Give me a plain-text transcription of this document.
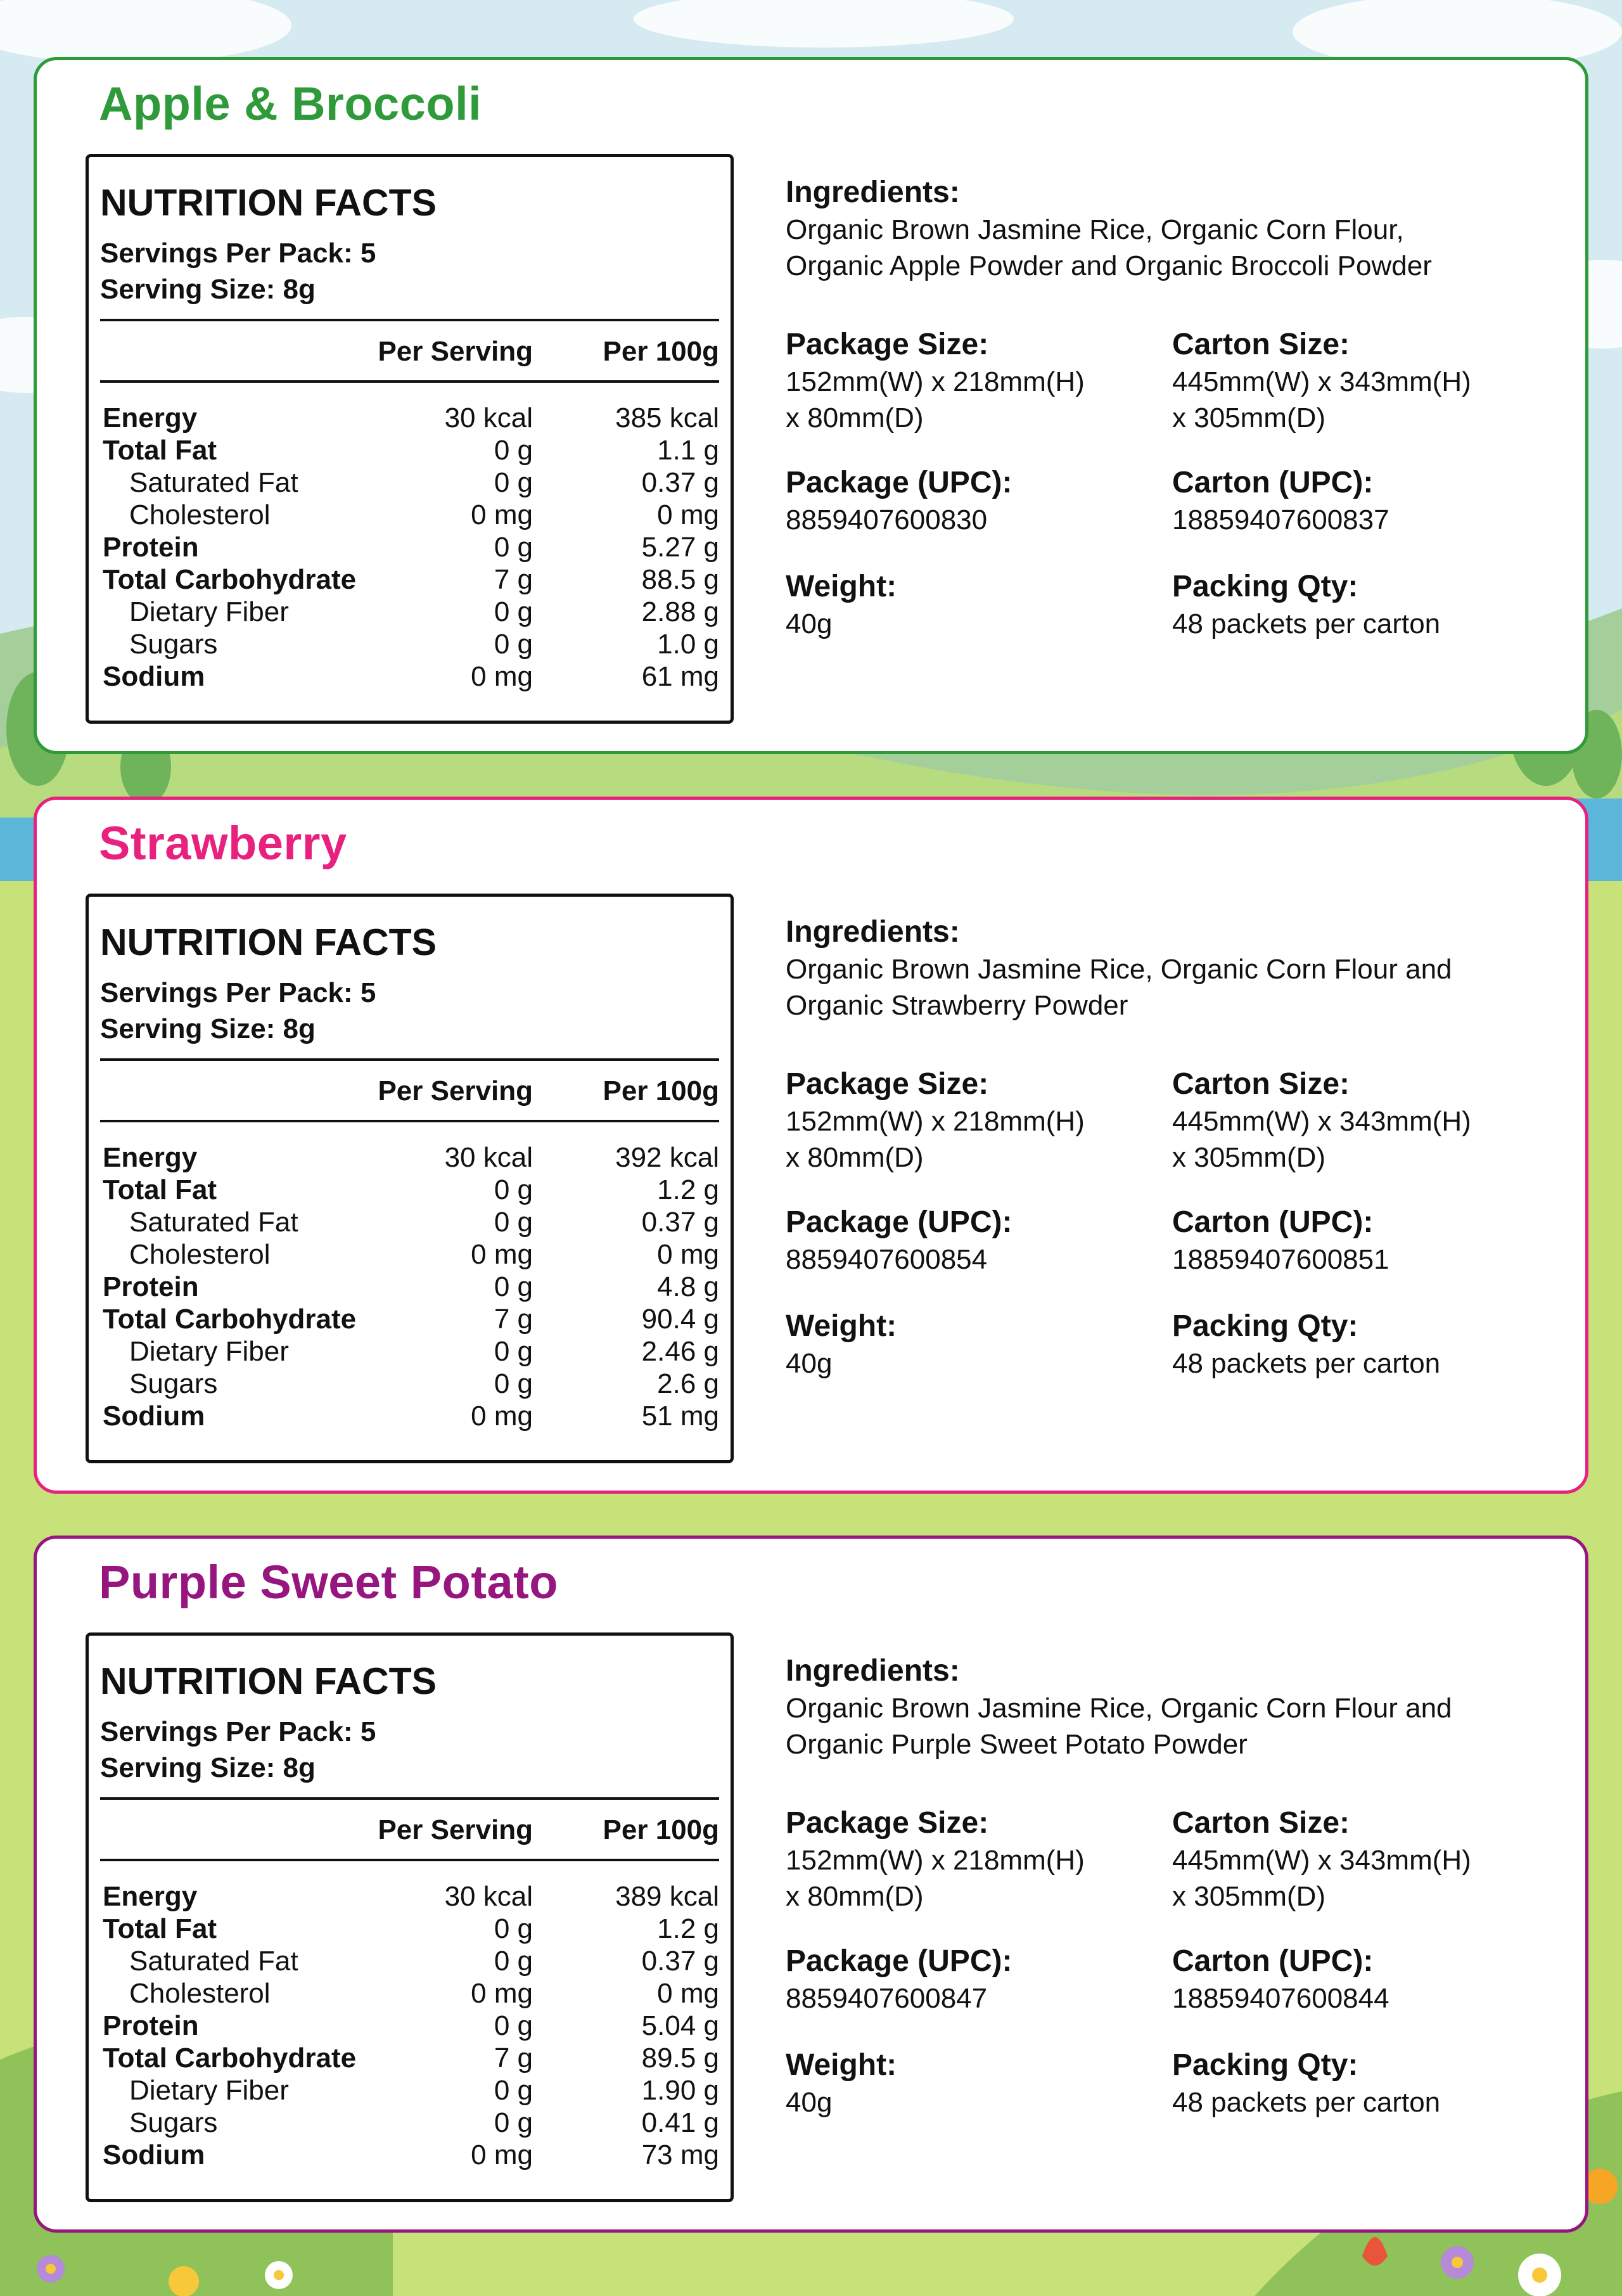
Apple & Broccoli
NUTRITION FACTS
Servings Per Pack: 5
Serving Size: 8g
Per Serving	Per 100g
Energy	30 kcal	385 kcal
Total Fat	0 g	1.1 g
Saturated Fat	0 g	0.37 g
Cholesterol	0 mg	0 mg
Protein	0 g	5.27 g
Total Carbohydrate	7 g	88.5 g
Dietary Fiber	0 g	2.88 g
Sugars	0 g	1.0 g
Sodium	0 mg	61 mg
Ingredients:
Organic Brown Jasmine Rice, Organic Corn Flour,
Organic Apple Powder and Organic Broccoli Powder
Package Size:
152mm(W) x 218mm(H)
x 80mm(D)
Carton Size:
445mm(W) x 343mm(H)
x 305mm(D)
Package (UPC):
8859407600830
Carton (UPC):
18859407600837
Weight:
40g
Packing Qty:
48 packets per carton
Strawberry
NUTRITION FACTS
Servings Per Pack: 5
Serving Size: 8g
Per Serving	Per 100g
Energy	30 kcal	392 kcal
Total Fat	0 g	1.2 g
Saturated Fat	0 g	0.37 g
Cholesterol	0 mg	0 mg
Protein	0 g	4.8 g
Total Carbohydrate	7 g	90.4 g
Dietary Fiber	0 g	2.46 g
Sugars	0 g	2.6 g
Sodium	0 mg	51 mg
Ingredients:
Organic Brown Jasmine Rice, Organic Corn Flour and
Organic Strawberry Powder
Package Size:
152mm(W) x 218mm(H)
x 80mm(D)
Carton Size:
445mm(W) x 343mm(H)
x 305mm(D)
Package (UPC):
8859407600854
Carton (UPC):
18859407600851
Weight:
40g
Packing Qty:
48 packets per carton
Purple Sweet Potato
NUTRITION FACTS
Servings Per Pack: 5
Serving Size: 8g
Per Serving	Per 100g
Energy	30 kcal	389 kcal
Total Fat	0 g	1.2 g
Saturated Fat	0 g	0.37 g
Cholesterol	0 mg	0 mg
Protein	0 g	5.04 g
Total Carbohydrate	7 g	89.5 g
Dietary Fiber	0 g	1.90 g
Sugars	0 g	0.41 g
Sodium	0 mg	73 mg
Ingredients:
Organic Brown Jasmine Rice, Organic Corn Flour and
Organic Purple Sweet Potato Powder
Package Size:
152mm(W) x 218mm(H)
x 80mm(D)
Carton Size:
445mm(W) x 343mm(H)
x 305mm(D)
Package (UPC):
8859407600847
Carton (UPC):
18859407600844
Weight:
40g
Packing Qty:
48 packets per carton
